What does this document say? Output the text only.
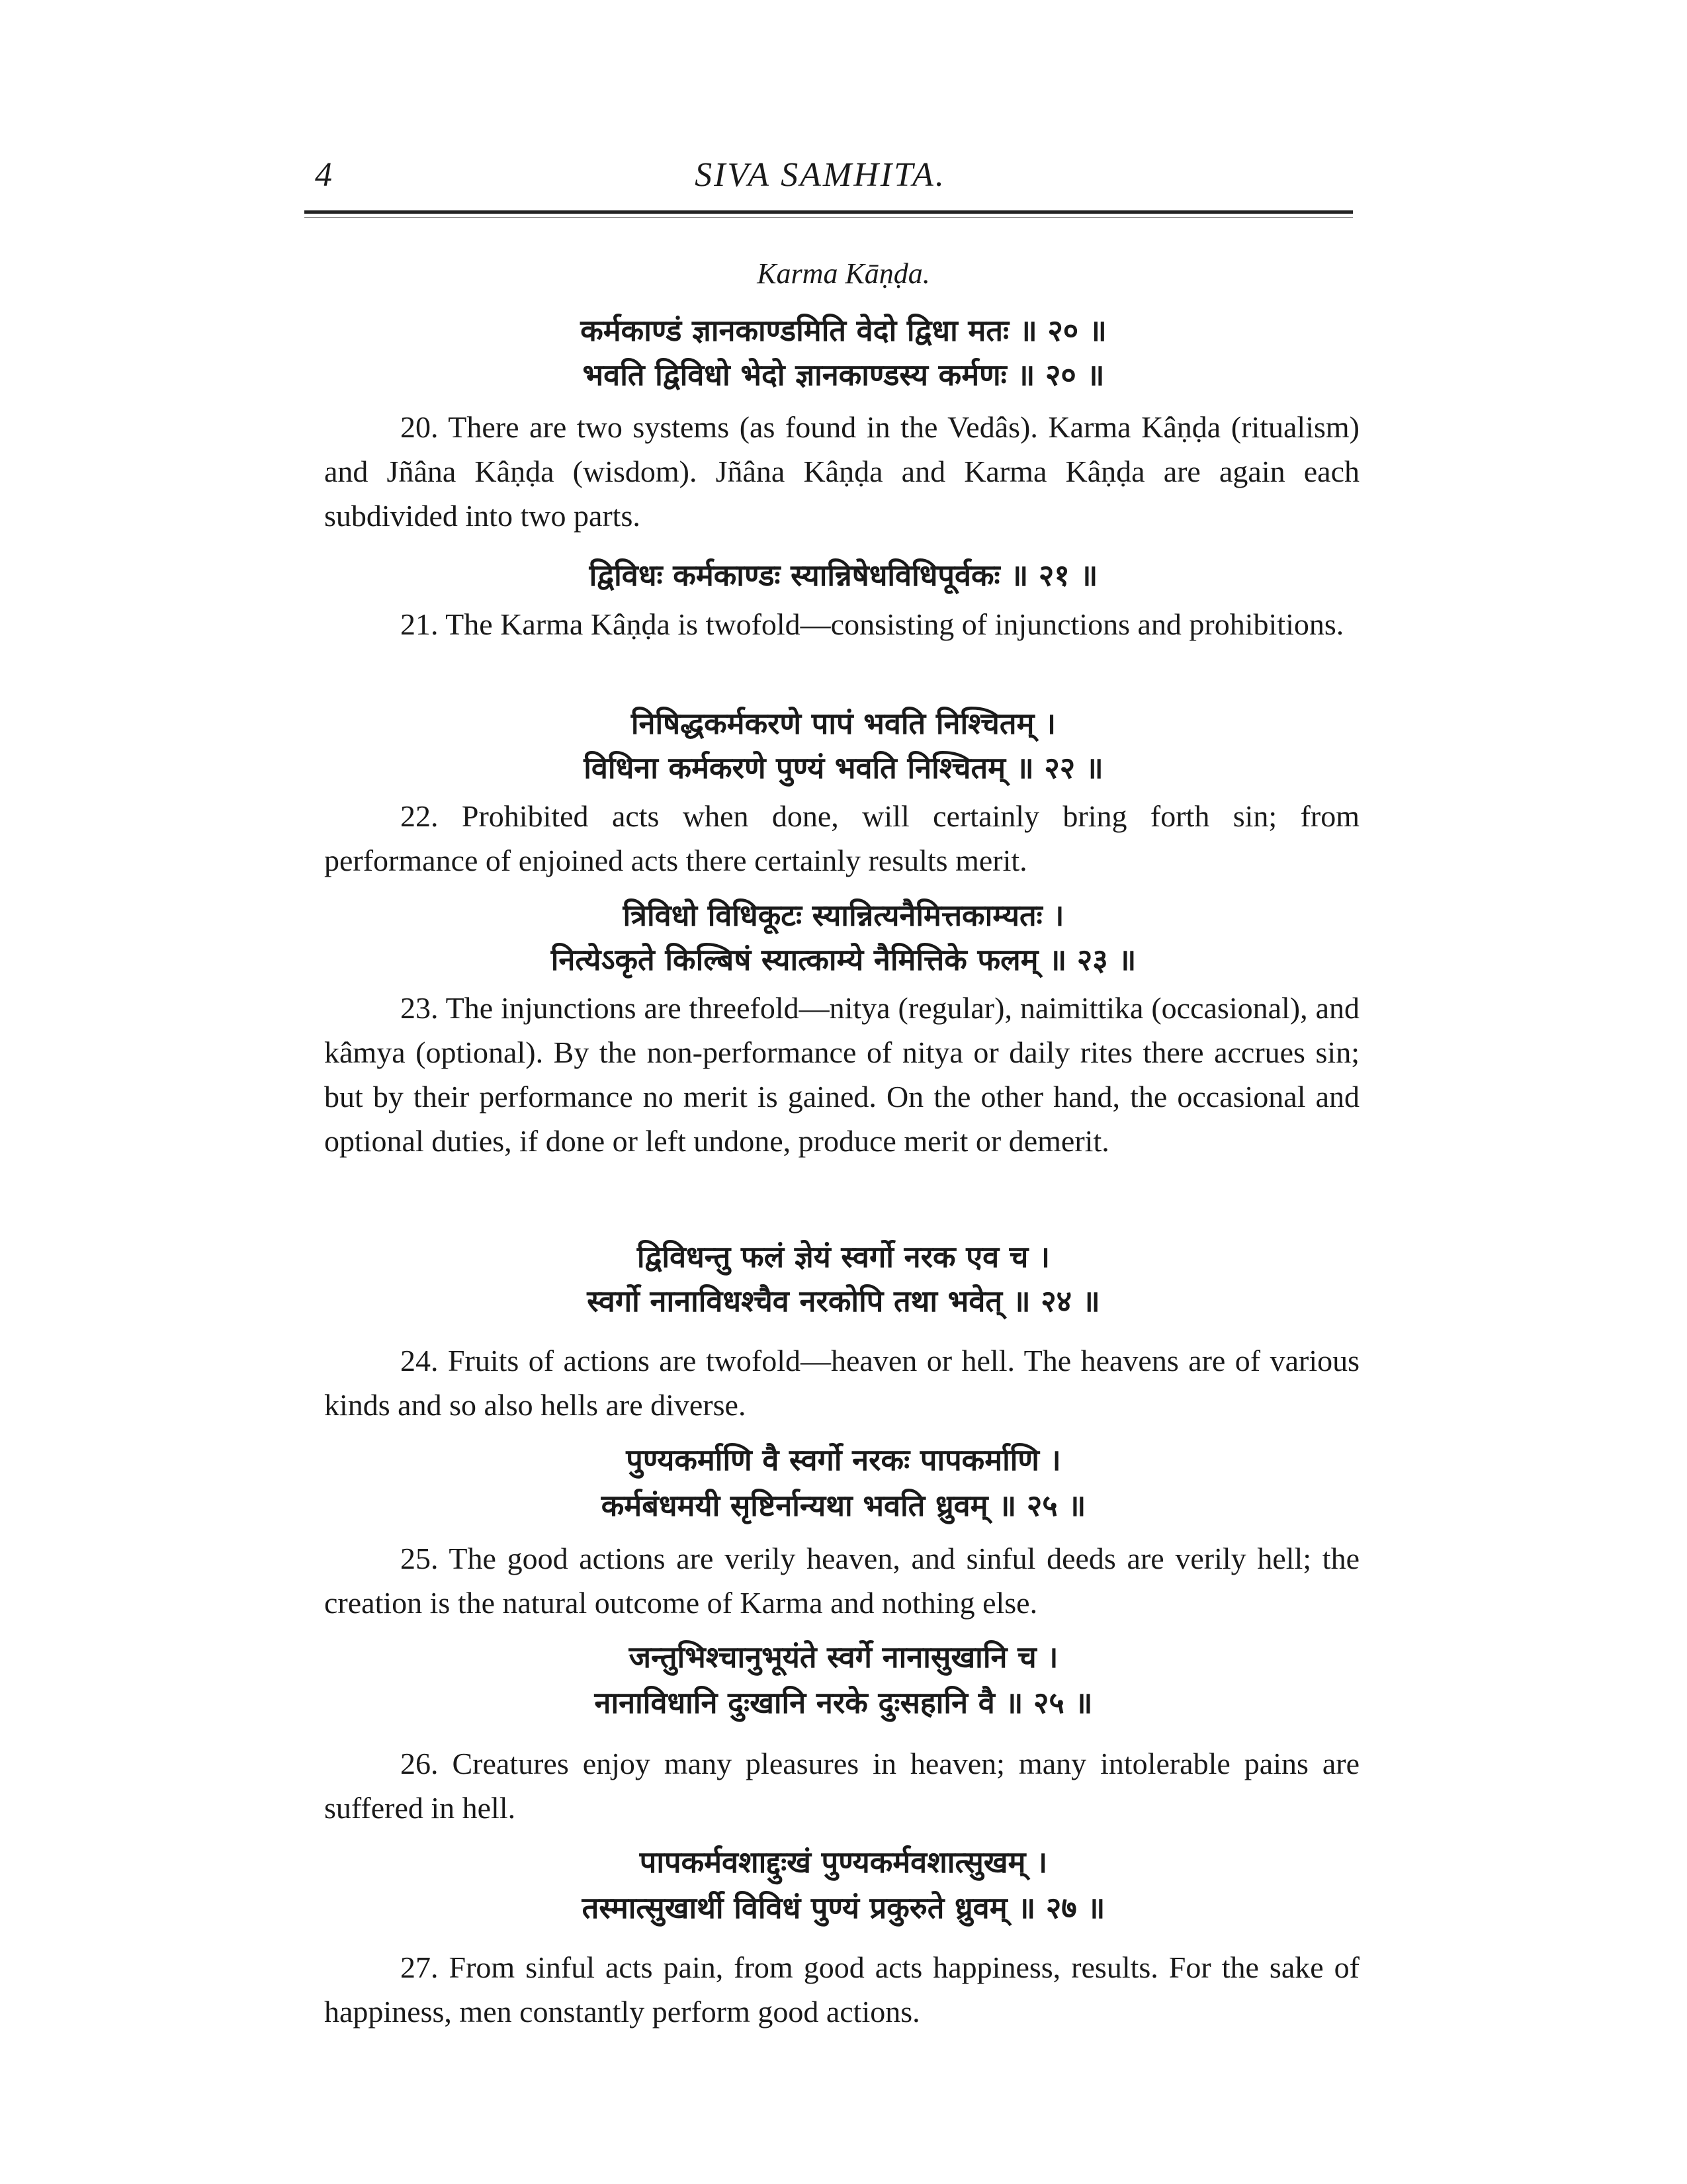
4	SIVA SAMHITA.
Karma Kāṇḍa.
कर्मकाण्डं ज्ञानकाण्डमिति वेदो द्विधा मतः ॥ २० ॥
भवति द्विविधो भेदो ज्ञानकाण्डस्य कर्मणः ॥ २० ॥

20. There are two systems (as found in the Vedâs). Karma Kâṇḍa (ritualism) and Jñâna Kâṇḍa (wisdom). Jñâna Kâṇḍa and Karma Kâṇḍa are again each subdivided into two parts.

द्विविधः कर्मकाण्डः स्यान्निषेधविधिपूर्वकः ॥ २१ ॥

21. The Karma Kâṇḍa is twofold—consisting of injunctions and prohibitions.

निषिद्धकर्मकरणे पापं भवति निश्चितम् ।
विधिना कर्मकरणे पुण्यं भवति निश्चितम् ॥ २२ ॥

22. Prohibited acts when done, will certainly bring forth sin; from performance of enjoined acts there certainly results merit.

त्रिविधो विधिकूटः स्यान्नित्यनैमित्तकाम्यतः ।
नित्येऽकृते किल्बिषं स्यात्काम्ये नैमित्तिके फलम् ॥ २३ ॥

23. The injunctions are threefold—nitya (regular), naimittika (occasional), and kâmya (optional). By the non-performance of nitya or daily rites there accrues sin; but by their performance no merit is gained. On the other hand, the occasional and optional duties, if done or left undone, produce merit or demerit.

द्विविधन्तु फलं ज्ञेयं स्वर्गो नरक एव च ।
स्वर्गो नानाविधश्चैव नरकोपि तथा भवेत् ॥ २४ ॥

24. Fruits of actions are twofold—heaven or hell. The heavens are of various kinds and so also hells are diverse.

पुण्यकर्माणि वै स्वर्गो नरकः पापकर्माणि ।
कर्मबंधमयी सृष्टिर्नान्यथा भवति ध्रुवम् ॥ २५ ॥

25. The good actions are verily heaven, and sinful deeds are verily hell; the creation is the natural outcome of Karma and nothing else.

जन्तुभिश्चानुभूयंते स्वर्गे नानासुखानि च ।
नानाविधानि दुःखानि नरके दुःसहानि वै ॥ २५ ॥

26. Creatures enjoy many pleasures in heaven; many intolerable pains are suffered in hell.

पापकर्मवशाद्दुःखं पुण्यकर्मवशात्सुखम् ।
तस्मात्सुखार्थी विविधं पुण्यं प्रकुरुते ध्रुवम् ॥ २७ ॥

27. From sinful acts pain, from good acts happiness, results. For the sake of happiness, men constantly perform good actions.
